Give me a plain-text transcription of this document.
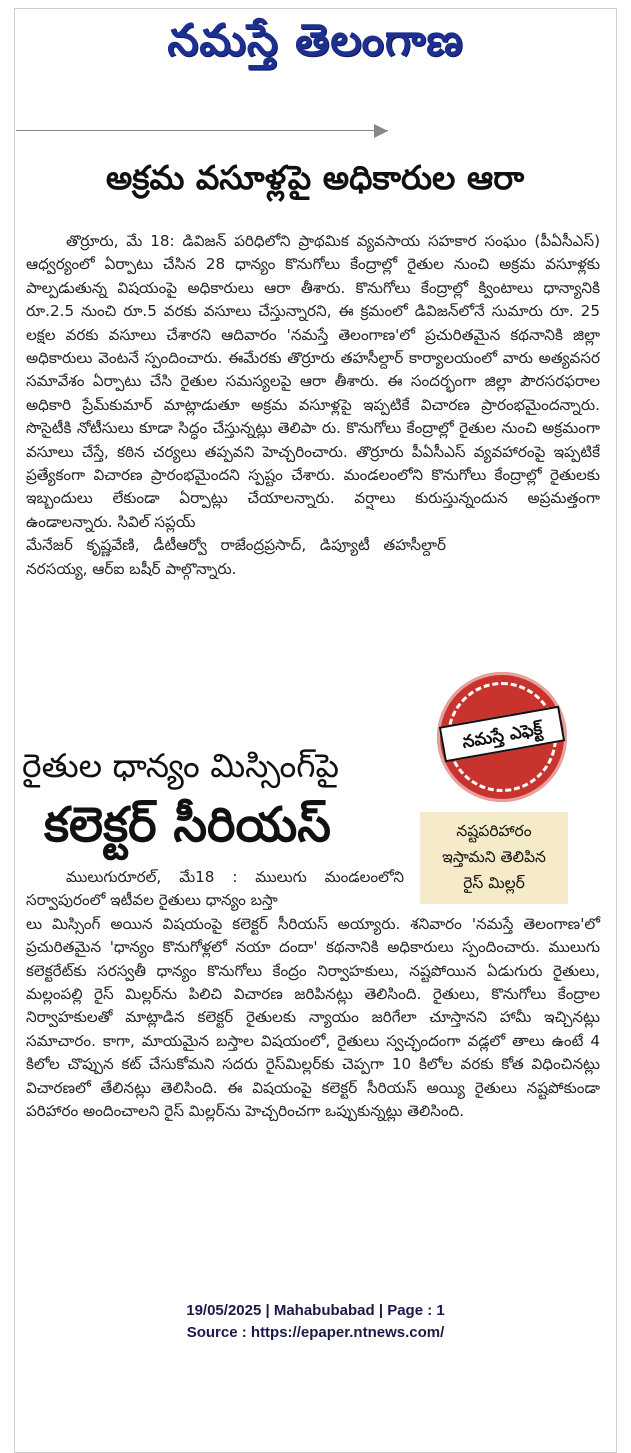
నమస్తే తెలంగాణ
అక్రమ వసూళ్లపై అధికారుల ఆరా

తొర్రూరు, మే 18: డివిజన్ పరిధిలోని ప్రాథమిక వ్యవసాయ సహకార సంఘం (పీఏసీఎస్) ఆధ్వర్యంలో ఏర్పాటు చేసిన 28 ధాన్యం కొనుగోలు కేంద్రాల్లో రైతుల నుంచి అక్రమ వసూళ్లకు పాల్పడుతున్న విషయంపై అధికారులు ఆరా తీశారు. కొనుగోలు కేంద్రాల్లో క్వింటాలు ధాన్యానికి రూ.2.5 నుంచి రూ.5 వరకు వసూలు చేస్తున్నారని, ఈ క్రమంలో డివిజన్‌లోనే సుమారు రూ. 25 లక్షల వరకు వసూలు చేశారని ఆదివారం 'నమస్తే తెలంగాణ'లో ప్రచురితమైన కథనానికి జిల్లా అధికారులు వెంటనే స్పందించారు. ఈమేరకు తొర్రూరు తహసీల్దార్ కార్యాలయంలో వారు అత్యవసర సమావేశం ఏర్పాటు చేసి రైతుల సమస్యలపై ఆరా తీశారు. ఈ సందర్భంగా జిల్లా పౌరసరఫరాల అధికారి ప్రేమ్‌కుమార్ మాట్లాడుతూ అక్రమ వసూళ్లపై ఇప్పటికే విచారణ ప్రారంభమైందన్నారు. సొసైటీకి నోటీసులు కూడా సిద్ధం చేస్తున్నట్లు తెలిపా రు. కొనుగోలు కేంద్రాల్లో రైతుల నుంచి అక్రమంగా వసూలు చేస్తే, కఠిన చర్యలు తప్పవని హెచ్చరించారు. తొర్రూరు పీఏసీఎస్ వ్యవహారంపై ఇప్పటికే ప్రత్యేకంగా విచారణ ప్రారంభమైందని స్పష్టం చేశారు. మండలంలోని కొనుగోలు కేంద్రాల్లో రైతులకు ఇబ్బందులు లేకుండా ఏర్పాట్లు చేయాలన్నారు. వర్షాలు కురుస్తున్నందున అప్రమత్తంగా ఉండాలన్నారు. సివిల్ సప్లయ్

మేనేజర్ కృష్ణవేణి, డీటీఆర్వో రాజేంద్రప్రసాద్, డిప్యూటీ తహసీల్దార్ నరసయ్య, ఆర్ఐ బషీర్ పాల్గొన్నారు.

నమస్తే ఎఫెక్ట్
రైతుల ధాన్యం మిస్సింగ్‌పై
కలెక్టర్ సీరియస్	నష్టపరిహారం
ఇస్తామని తెలిపిన
రైస్ మిల్లర్

ములుగురూరల్, మే18 : ములుగు మండలంలోని సర్వాపురంలో ఇటీవల రైతులు ధాన్యం బస్తా

లు మిస్సింగ్ అయిన విషయంపై కలెక్టర్ సీరియస్ అయ్యారు. శనివారం 'నమస్తే తెలంగాణ'లో ప్రచురితమైన 'ధాన్యం కొనుగోళ్లలో నయా దందా' కథనానికి అధికారులు స్పందించారు. ములుగు కలెక్టరేట్‌కు సరస్వతీ ధాన్యం కొనుగోలు కేంద్రం నిర్వాహకులు, నష్టపోయిన ఏడుగురు రైతులు, మల్లంపల్లి రైస్ మిల్లర్‌ను పిలిచి విచారణ జరిపినట్లు తెలిసింది. రైతులు, కొనుగోలు కేంద్రాల నిర్వాహకులతో మాట్లాడిన కలెక్టర్ రైతులకు న్యాయం జరిగేలా చూస్తానని హామీ ఇచ్చినట్లు సమాచారం. కాగా, మాయమైన బస్తాల విషయంలో, రైతులు స్వచ్ఛందంగా వడ్లలో తాలు ఉంటే 4 కిలోల చొప్పున కట్ చేసుకోమని సదరు రైస్‌మిల్లర్‌కు చెప్పగా 10 కిలోల వరకు కోత విధించినట్లు విచారణలో తేలినట్లు తెలిసింది. ఈ విషయంపై కలెక్టర్ సీరియస్ అయ్యి రైతులు నష్టపోకుండా పరిహారం అందించాలని రైస్ మిల్లర్‌ను హెచ్చరించగా ఒప్పుకున్నట్లు తెలిసింది.

19/05/2025 | Mahabubabad | Page : 1
Source : https://epaper.ntnews.com/
